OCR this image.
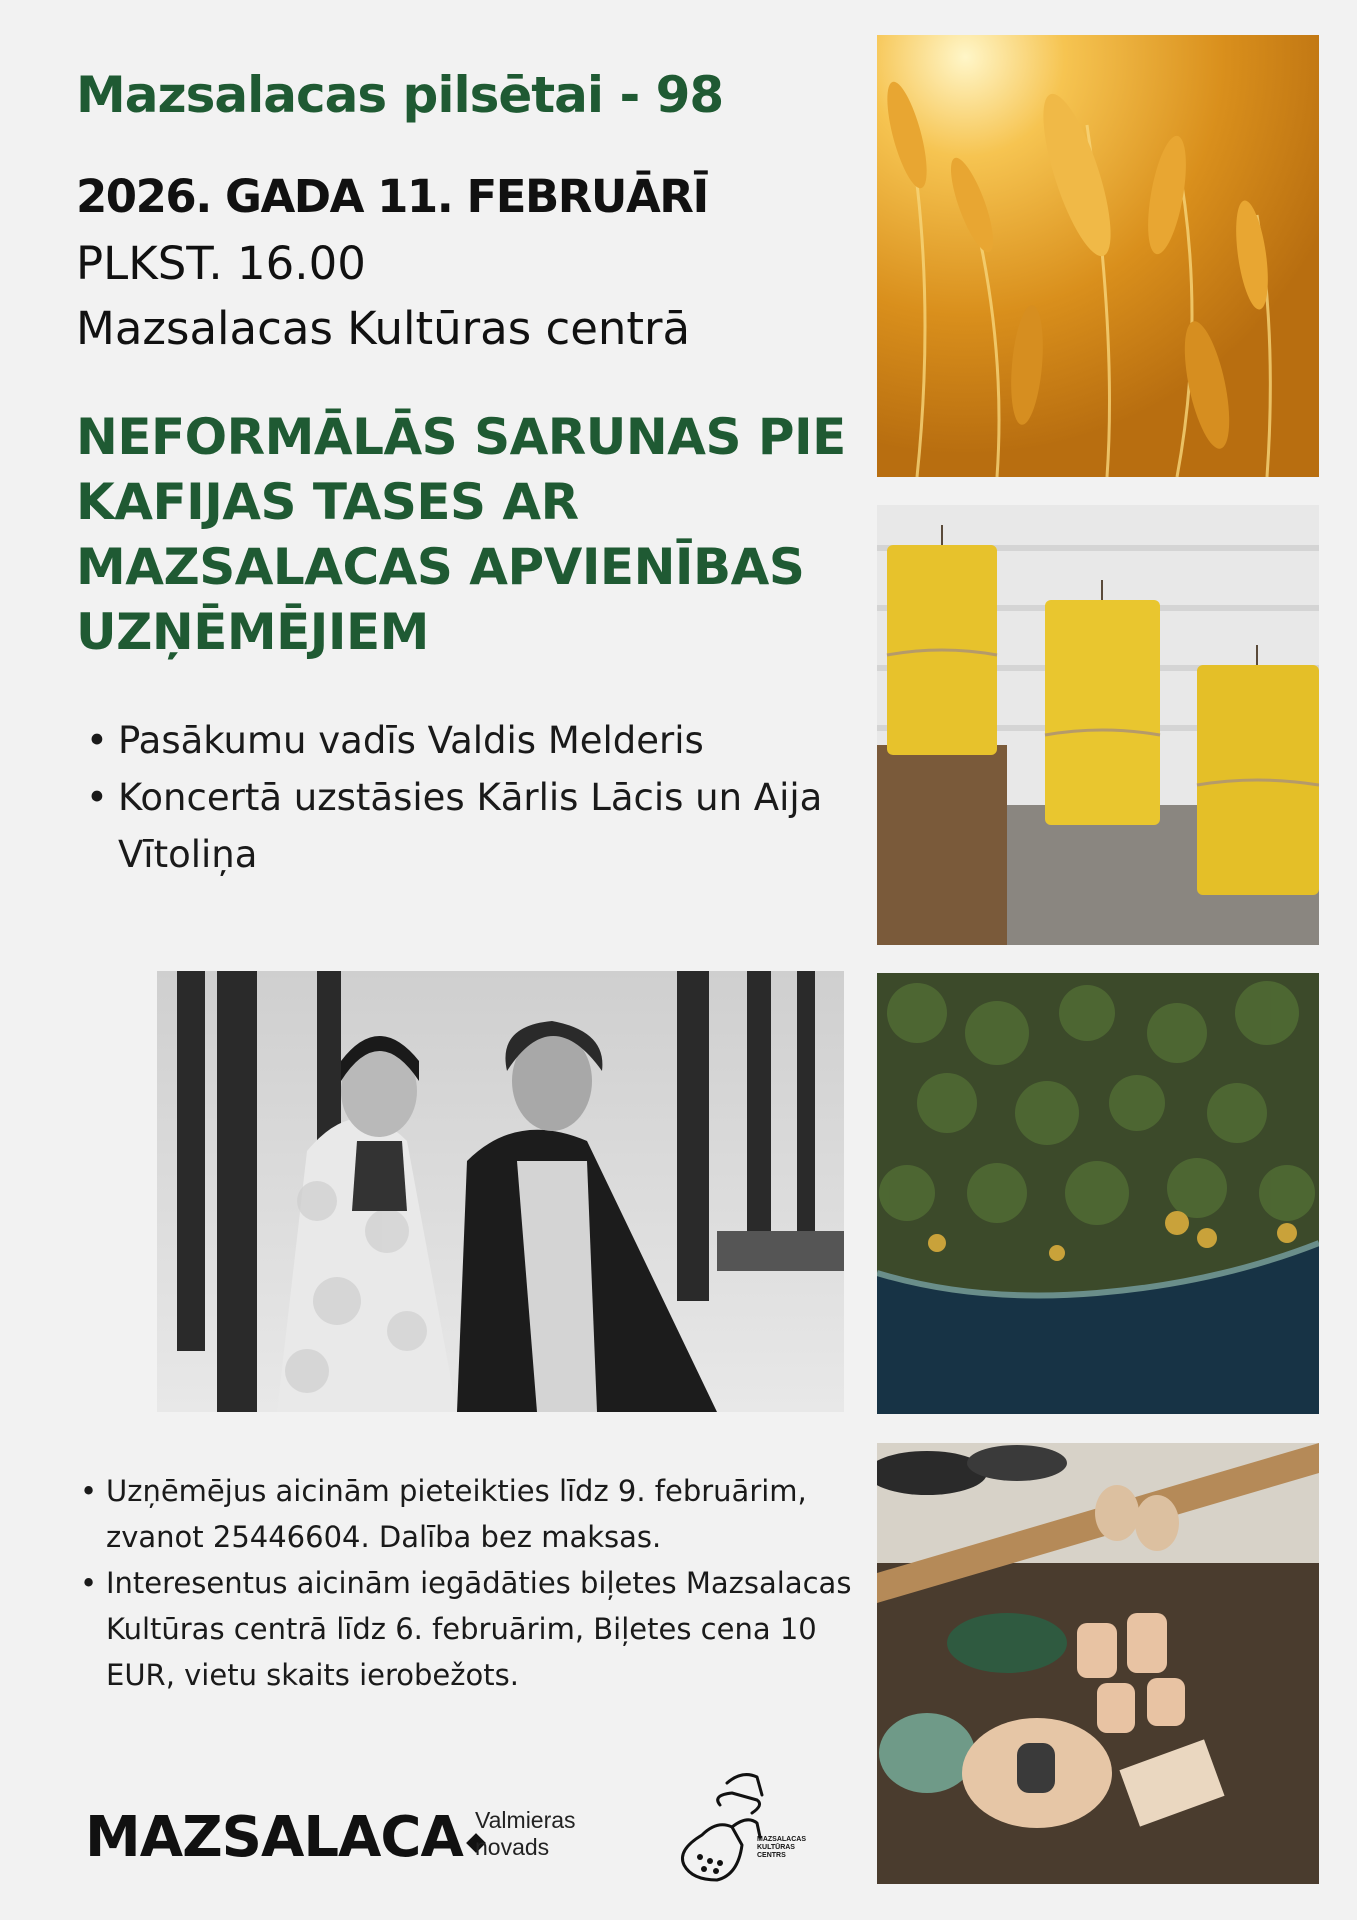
Mazsalacas pilsētai - 98
2026. GADA 11. FEBRUĀRĪ
PLKST. 16.00
Mazsalacas Kultūras centrā
NEFORMĀLĀS SARUNAS PIE
KAFIJAS TASES AR
MAZSALACAS APVIENĪBAS
UZŅĒMĒJIEM
• Pasākumu vadīs Valdis Melderis
• Koncertā uzstāsies Kārlis Lācis un Aija Vītoliņa
• Uzņēmējus aicinām pieteikties līdz 9. februārim, zvanot 25446604. Dalība bez maksas.
• Interesentus aicinām iegādāties biļetes Mazsalacas Kultūras centrā līdz 6. februārim, Biļetes cena 10 EUR, vietu skaits ierobežots.
MAZSALACA Valmieras
novads	MAZSALACAS KULTŪRAS CENTRS
